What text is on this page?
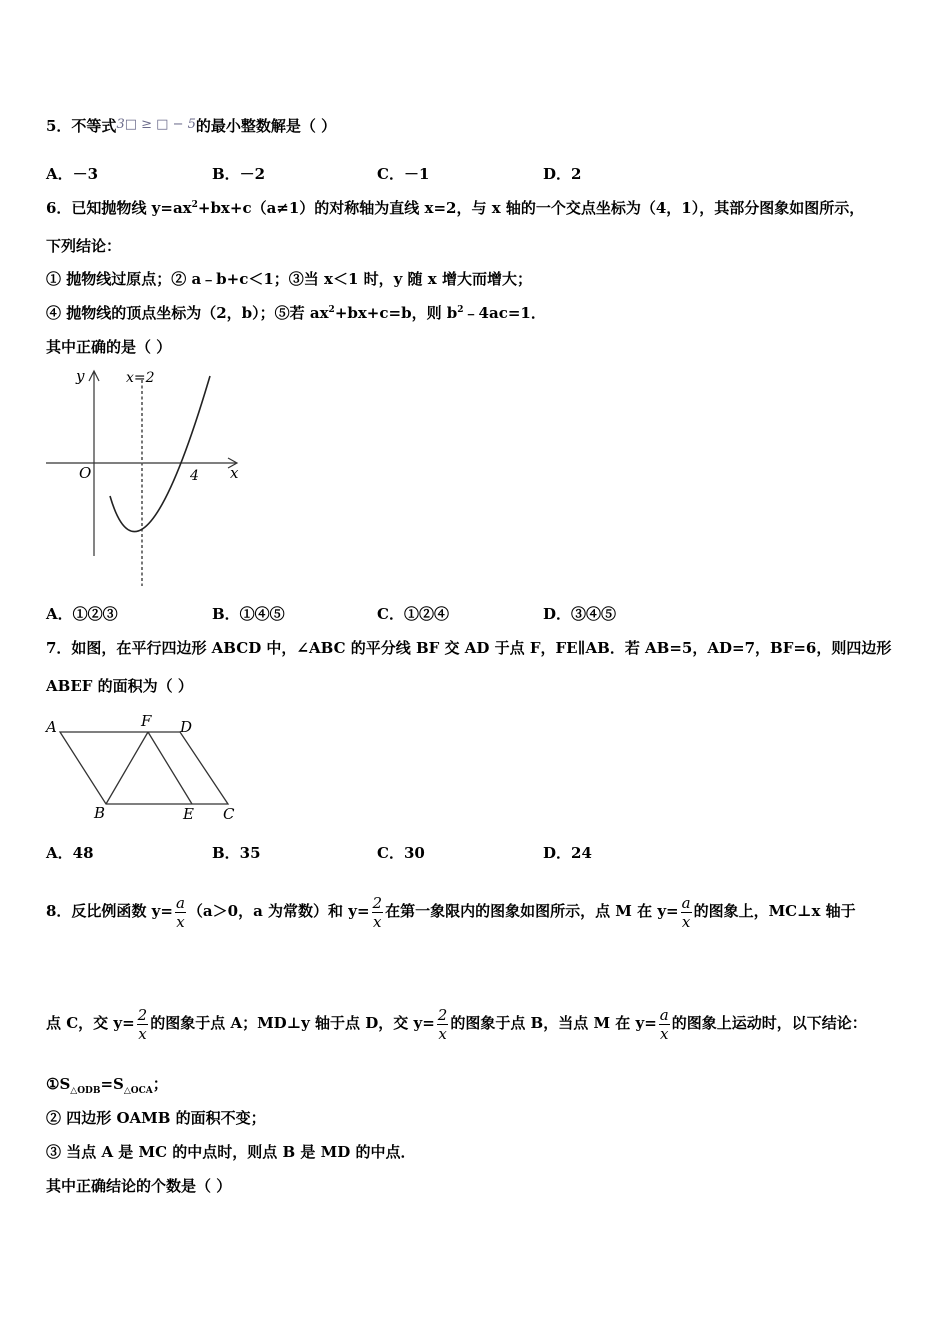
5．不等式3□ ≥ □ − 5的最小整数解是（ ）
A．－3	B．－2	C．－1	D．2
6．已知抛物线 $y=ax^2+bx+c(a\ne 1)$的对称轴为直线 x=2，与 x 轴的一个交点坐标为（4，1），其部分图象如图所示，
下列结论：
① 抛物线过原点；② a﹣b+c＜1；③当 x＜1 时，y 随 x 增大而增大；
④ 抛物线的顶点坐标为（2，b）；⑤若 $ax^2+bx+c=b$，则 $b^2﹣4ac=1$．
其中正确的是（ ）
y
x
O
x=2
4
A．①②③	B．①④⑤	C．①②④	D．③④⑤
7．如图，在平行四边形 ABCD 中，∠ABC 的平分线 BF 交 AD 于点 F，FE∥AB．若 AB=5，AD=7，BF=6，则四边形
ABEF 的面积为（ ）
A	F D
B	E C
A．48	B．35	C．30	D．24
8．反比例函数 $y= \frac{a}{x} (a>0$，a 为常数）和 $y= \frac{2}{x}$ 在第一象限内的图象如图所示，点 M 在 $y= \frac{a}{x}$ 的图象上，MC⊥x 轴于
点 C，交 $y= \frac{2}{x}$ 的图象于点 A；MD⊥y 轴于点 D，交 $y= \frac{2}{x}$ 的图象于点 B，当点 M 在 $y= \frac{a}{x}$ 的图象上运动时，以下结论：
$①S_{\triangle ODB}=S_{\triangle OCA}$；
② 四边形 OAMB 的面积不变；
③ 当点 A 是 MC 的中点时，则点 B 是 MD 的中点．
其中正确结论的个数是（ ）
